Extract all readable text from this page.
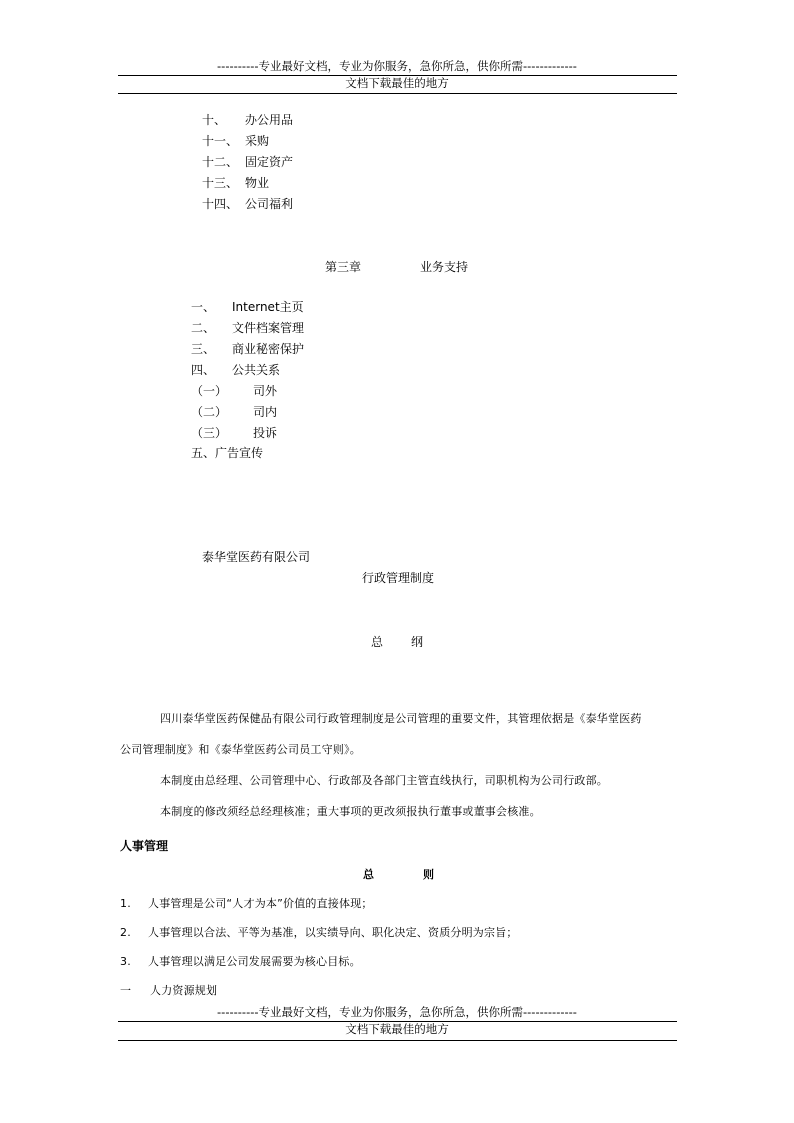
----------专业最好文档，专业为你服务，急你所急，供你所需-------------
文档下载最佳的地方
十、 办公用品
十一、 采购
十二、 固定资产
十三、 物业
十四、 公司福利
第三章	业务支持
一、 Internet主页
二、 文件档案管理
三、 商业秘密保护
四、 公共关系
（一） 司外
（二） 司内
（三） 投诉
五、 广告宣传
泰华堂医药有限公司
行政管理制度
总 纲
四川泰华堂医药保健品有限公司行政管理制度是公司管理的重要文件，其管理依据是《泰华堂医药
公司管理制度》和《泰华堂医药公司员工守则》。
本制度由总经理、公司管理中心、行政部及各部门主管直线执行，司职机构为公司行政部。
本制度的修改须经总经理核准；重大事项的更改须报执行董事或董事会核准。
人事管理
总	则
1. 人事管理是公司“人才为本”价值的直接体现；
2. 人事管理以合法、平等为基准，以实绩导向、职化决定、资质分明为宗旨；
3. 人事管理以满足公司发展需要为核心目标。
一 人力资源规划
----------专业最好文档，专业为你服务，急你所急，供你所需-------------
文档下载最佳的地方
